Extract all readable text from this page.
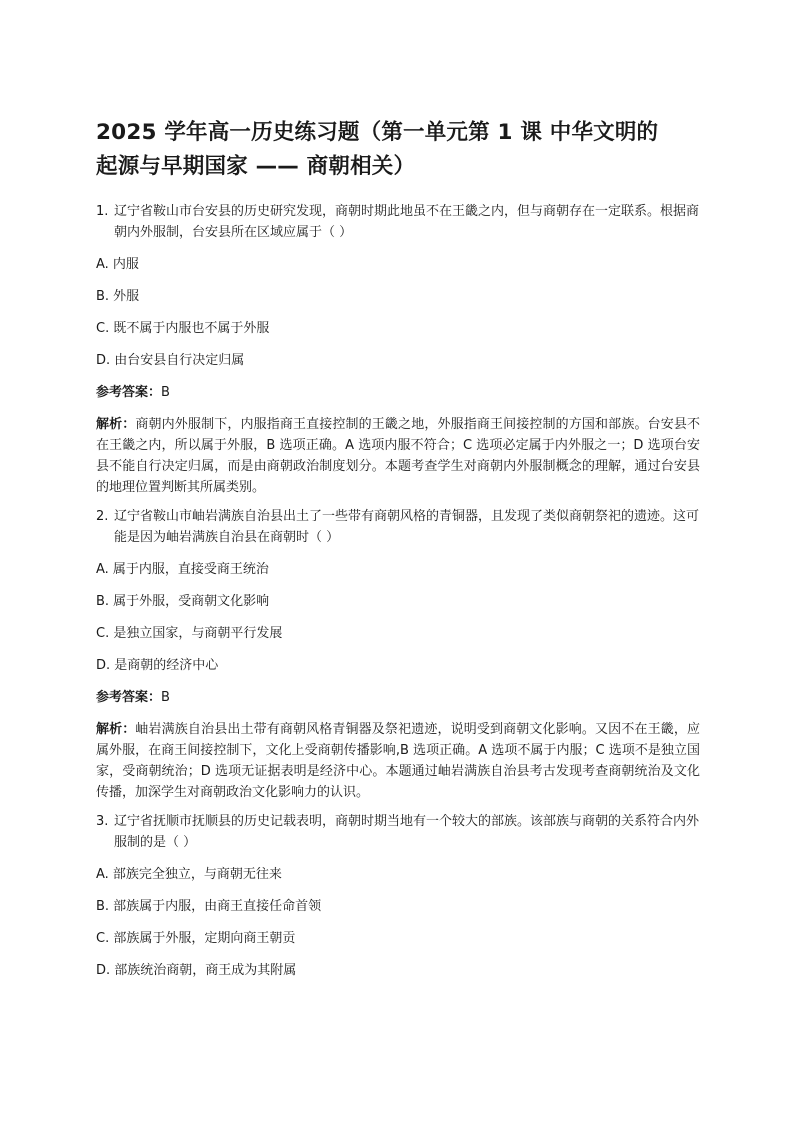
2025 学年高一历史练习题（第一单元第 1 课 中华文明的
起源与早期国家 —— 商朝相关）
1. 辽宁省鞍山市台安县的历史研究发现，商朝时期此地虽不在王畿之内，但与商朝存在一定联系。根据商朝内外服制，台安县所在区域应属于（ ）
A. 内服
B. 外服
C. 既不属于内服也不属于外服
D. 由台安县自行决定归属
参考答案：B
解析：商朝内外服制下，内服指商王直接控制的王畿之地，外服指商王间接控制的方国和部族。台安县不在王畿之内，所以属于外服，B 选项正确。A 选项内服不符合；C 选项必定属于内外服之一；D 选项台安县不能自行决定归属，而是由商朝政治制度划分。本题考查学生对商朝内外服制概念的理解，通过台安县的地理位置判断其所属类别。
2. 辽宁省鞍山市岫岩满族自治县出土了一些带有商朝风格的青铜器，且发现了类似商朝祭祀的遗迹。这可能是因为岫岩满族自治县在商朝时（ ）
A. 属于内服，直接受商王统治
B. 属于外服，受商朝文化影响
C. 是独立国家，与商朝平行发展
D. 是商朝的经济中心
参考答案：B
解析：岫岩满族自治县出土带有商朝风格青铜器及祭祀遗迹，说明受到商朝文化影响。又因不在王畿，应属外服，在商王间接控制下，文化上受商朝传播影响,B 选项正确。A 选项不属于内服；C 选项不是独立国家，受商朝统治；D 选项无证据表明是经济中心。本题通过岫岩满族自治县考古发现考查商朝统治及文化传播，加深学生对商朝政治文化影响力的认识。
3. 辽宁省抚顺市抚顺县的历史记载表明，商朝时期当地有一个较大的部族。该部族与商朝的关系符合内外服制的是（ ）
A. 部族完全独立，与商朝无往来
B. 部族属于内服，由商王直接任命首领
C. 部族属于外服，定期向商王朝贡
D. 部族统治商朝，商王成为其附属
